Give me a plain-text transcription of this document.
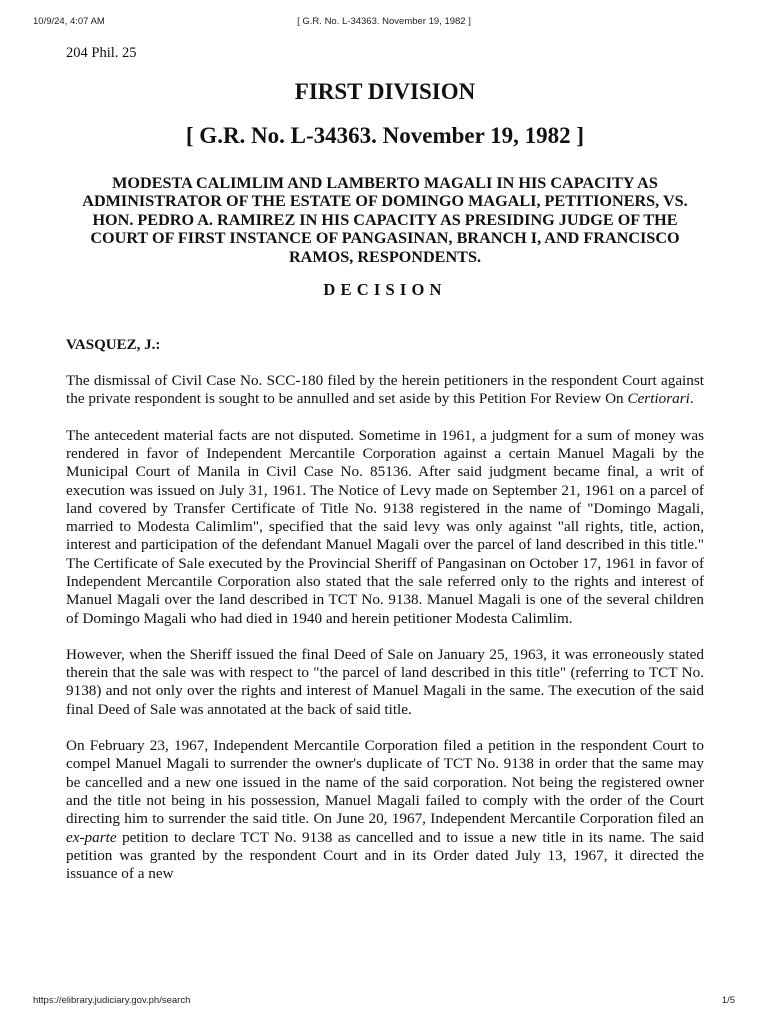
10/9/24, 4:07 AM	[ G.R. No. L-34363. November 19, 1982 ]

204 Phil. 25

FIRST DIVISION
[ G.R. No. L-34363. November 19, 1982 ]
MODESTA CALIMLIM AND LAMBERTO MAGALI IN HIS CAPACITY AS ADMINISTRATOR OF THE ESTATE OF DOMINGO MAGALI, PETITIONERS, VS. HON. PEDRO A. RAMIREZ IN HIS CAPACITY AS PRESIDING JUDGE OF THE COURT OF FIRST INSTANCE OF PANGASINAN, BRANCH I, AND FRANCISCO RAMOS, RESPONDENTS.
DECISION

VASQUEZ, J.:

The dismissal of Civil Case No. SCC-180 filed by the herein petitioners in the respondent Court against the private respondent is sought to be annulled and set aside by this Petition For Review On Certiorari.

The antecedent material facts are not disputed. Sometime in 1961, a judgment for a sum of money was rendered in favor of Independent Mercantile Corporation against a certain Manuel Magali by the Municipal Court of Manila in Civil Case No. 85136. After said judgment became final, a writ of execution was issued on July 31, 1961. The Notice of Levy made on September 21, 1961 on a parcel of land covered by Transfer Certificate of Title No. 9138 registered in the name of "Domingo Magali, married to Modesta Calimlim", specified that the said levy was only against "all rights, title, action, interest and participation of the defendant Manuel Magali over the parcel of land described in this title." The Certificate of Sale executed by the Provincial Sheriff of Pangasinan on October 17, 1961 in favor of Independent Mercantile Corporation also stated that the sale referred only to the rights and interest of Manuel Magali over the land described in TCT No. 9138. Manuel Magali is one of the several children of Domingo Magali who had died in 1940 and herein petitioner Modesta Calimlim.

However, when the Sheriff issued the final Deed of Sale on January 25, 1963, it was erroneously stated therein that the sale was with respect to "the parcel of land described in this title" (referring to TCT No. 9138) and not only over the rights and interest of Manuel Magali in the same. The execution of the said final Deed of Sale was annotated at the back of said title.

On February 23, 1967, Independent Mercantile Corporation filed a petition in the respondent Court to compel Manuel Magali to surrender the owner's duplicate of TCT No. 9138 in order that the same may be cancelled and a new one issued in the name of the said corporation. Not being the registered owner and the title not being in his possession, Manuel Magali failed to comply with the order of the Court directing him to surrender the said title. On June 20, 1967, Independent Mercantile Corporation filed an ex-parte petition to declare TCT No. 9138 as cancelled and to issue a new title in its name. The said petition was granted by the respondent Court and in its Order dated July 13, 1967, it directed the issuance of a new

https://elibrary.judiciary.gov.ph/search	1/5
